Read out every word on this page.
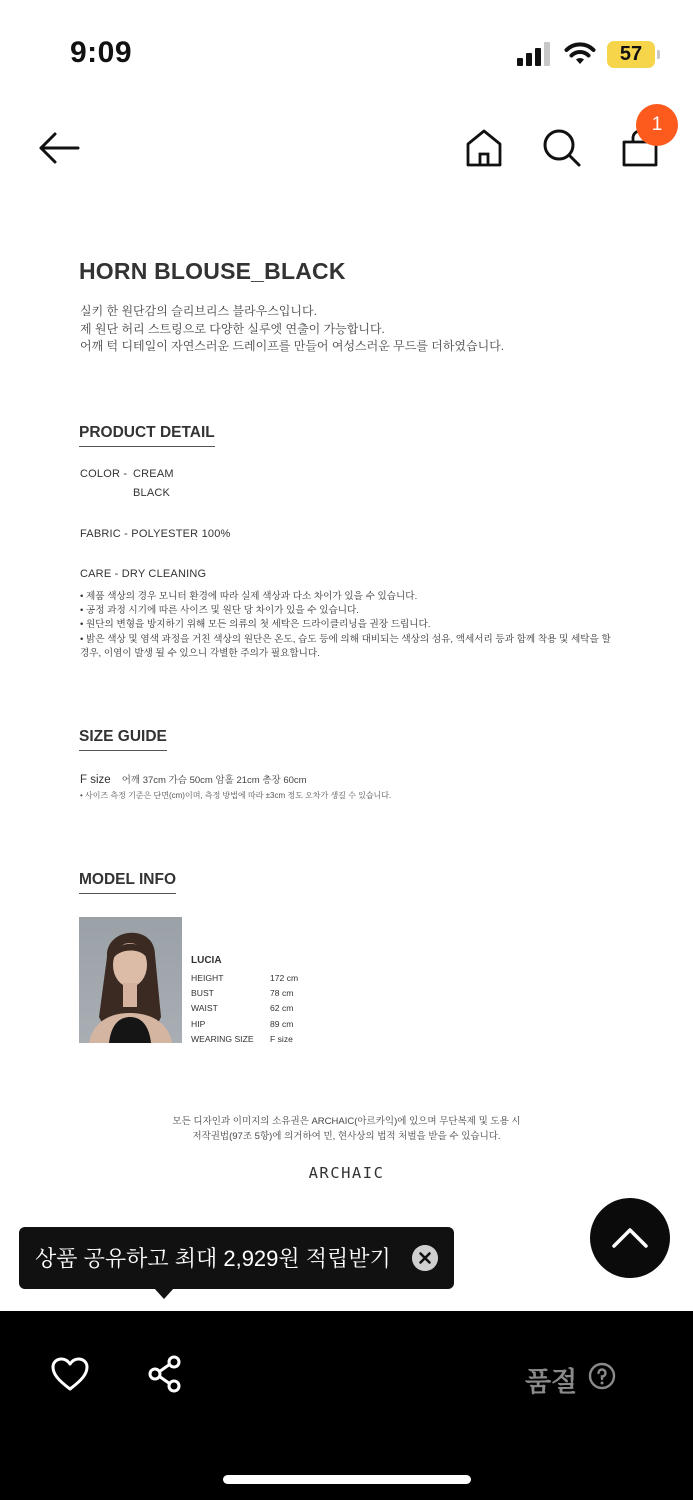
9:09	57
1
HORN BLOUSE_BLACK
실키 한 원단감의 슬리브리스 블라우스입니다.
제 원단 허리 스트링으로 다양한 실루엣 연출이 가능합니다.
어깨 턱 디테일이 자연스러운 드레이프를 만들어 여성스러운 무드를 더하였습니다.
PRODUCT DETAIL
COLOR - CREAM
BLACK
FABRIC - POLYESTER 100%
CARE - DRY CLEANING
• 제품 색상의 경우 모니터 환경에 따라 실제 색상과 다소 차이가 있을 수 있습니다.
• 공정 과정 시기에 따른 사이즈 및 원단 당 차이가 있을 수 있습니다.
• 원단의 변형을 방지하기 위해 모든 의류의 첫 세탁은 드라이클리닝을 권장 드립니다.
• 밝은 색상 및 염색 과정을 거친 색상의 원단은 온도, 습도 등에 의해 대비되는 색상의 섬유, 액세서리 등과 함께 착용 및 세탁을 할
경우, 이염이 발생 될 수 있으니 각별한 주의가 필요합니다.
SIZE GUIDE
F size 어깨 37cm 가슴 50cm 암홀 21cm 총장 60cm
• 사이즈 측정 기준은 단면(cm)이며, 측정 방법에 따라 ±3cm 정도 오차가 생길 수 있습니다.
MODEL INFO
LUCIA
HEIGHT	172 cm
BUST	78 cm
WAIST	62 cm
HIP	89 cm
WEARING SIZE F size
모든 디자인과 이미지의 소유권은 ARCHAIC(아르카익)에 있으며 무단복제 및 도용 시
저작권법(97조 5항)에 의거하여 민, 현사상의 법적 처벌을 받을 수 있습니다.
ARCHAIC
상품 공유하고 최대 2,929원 적립받기
품절
